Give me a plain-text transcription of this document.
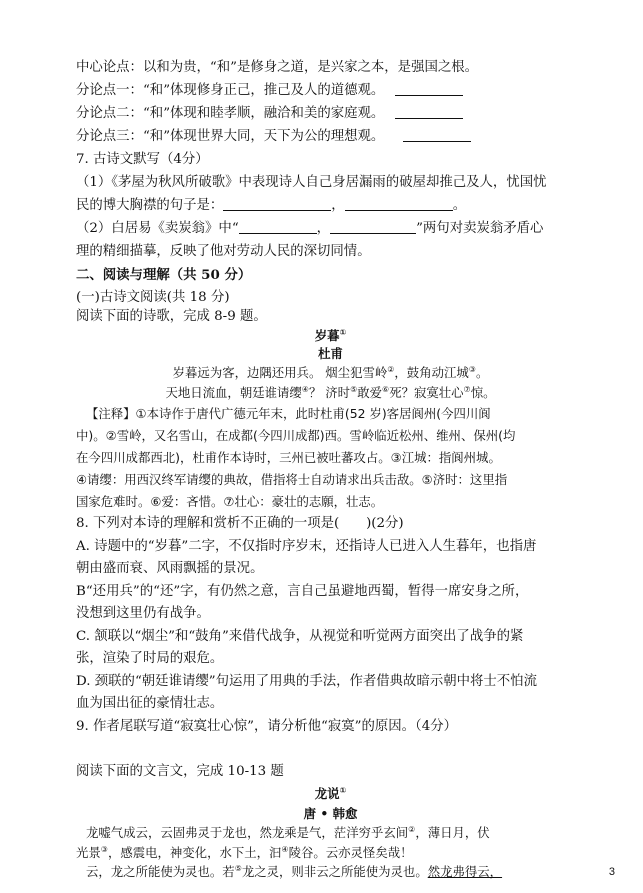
中心论点：以和为贵，“和”是修身之道，是兴家之本，是强国之根。
分论点一：“和”体现修身正己，推己及人的道德观。
分论点二：“和”体现和睦孝顺，融洽和美的家庭观。
分论点三：“和”体现世界大同，天下为公的理想观。
7. 古诗文默写（4分）
（1）《茅屋为秋风所破歌》中表现诗人自己身居漏雨的破屋却推己及人，忧国忧
民的博大胸襟的句子是：	，	。
（2）白居易《卖炭翁》中“	，	”两句对卖炭翁矛盾心
理的精细描摹，反映了他对劳动人民的深切同情。
二、阅读与理解（共 50 分）
(一)古诗文阅读(共 18 分)
阅读下面的诗歌，完成 8-9 题。
岁暮①
杜甫
岁暮远为客，边隅还用兵。 烟尘犯雪岭②，鼓角动江城③。
天地日流血，朝廷谁请缨④？ 济时⑤敢爱⑥死？寂寞壮心⑦惊。
【注释】①本诗作于唐代广德元年末，此时杜甫(52 岁)客居阆州(今四川阆
中)。②雪岭，又名雪山，在成都(今四川成都)西。雪岭临近松州、维州、保州(均
在今四川成都西北)，杜甫作本诗时，三州已被吐蕃攻占。③江城：指阆州城。
④请缨：用西汉终军请缨的典故，借指将士自动请求出兵击敌。⑤济时：这里指
国家危难时。⑥爱：吝惜。⑦壮心：豪壮的志願，壮志。
8. 下列对本诗的理解和赏析不正确的一项是(　　)(2分)
A. 诗题中的“岁暮”二字，不仅指时序岁末，还指诗人已进入人生暮年，也指唐
朝由盛而衰、风雨飘摇的景况。
B“还用兵”的“还”字，有仍然之意，言自己虽避地西蜀，暂得一席安身之所，
没想到这里仍有战争。
C. 颔联以“烟尘”和“鼓角”来借代战争，从视觉和听觉两方面突出了战争的紧
张，渲染了时局的艰危。
D. 颈联的“朝廷谁请缨”句运用了用典的手法，作者借典故暗示朝中将士不怕流
血为国出征的豪情壮志。
9. 作者尾联写道“寂寞壮心惊”，请分析他“寂寞”的原因。（4分）
阅读下面的文言文，完成 10-13 题
龙说①
唐 • 韩愈
龙嘘气成云，云固弗灵于龙也，然龙乘是气，茫洋穷乎玄间②，薄日月，伏
光景③，感震电，神变化，水下土，汩④陵谷。云亦灵怪矣哉！
云，龙之所能使为灵也。若⑤龙之灵，则非云之所能使为灵也。然龙弗得云，	3
